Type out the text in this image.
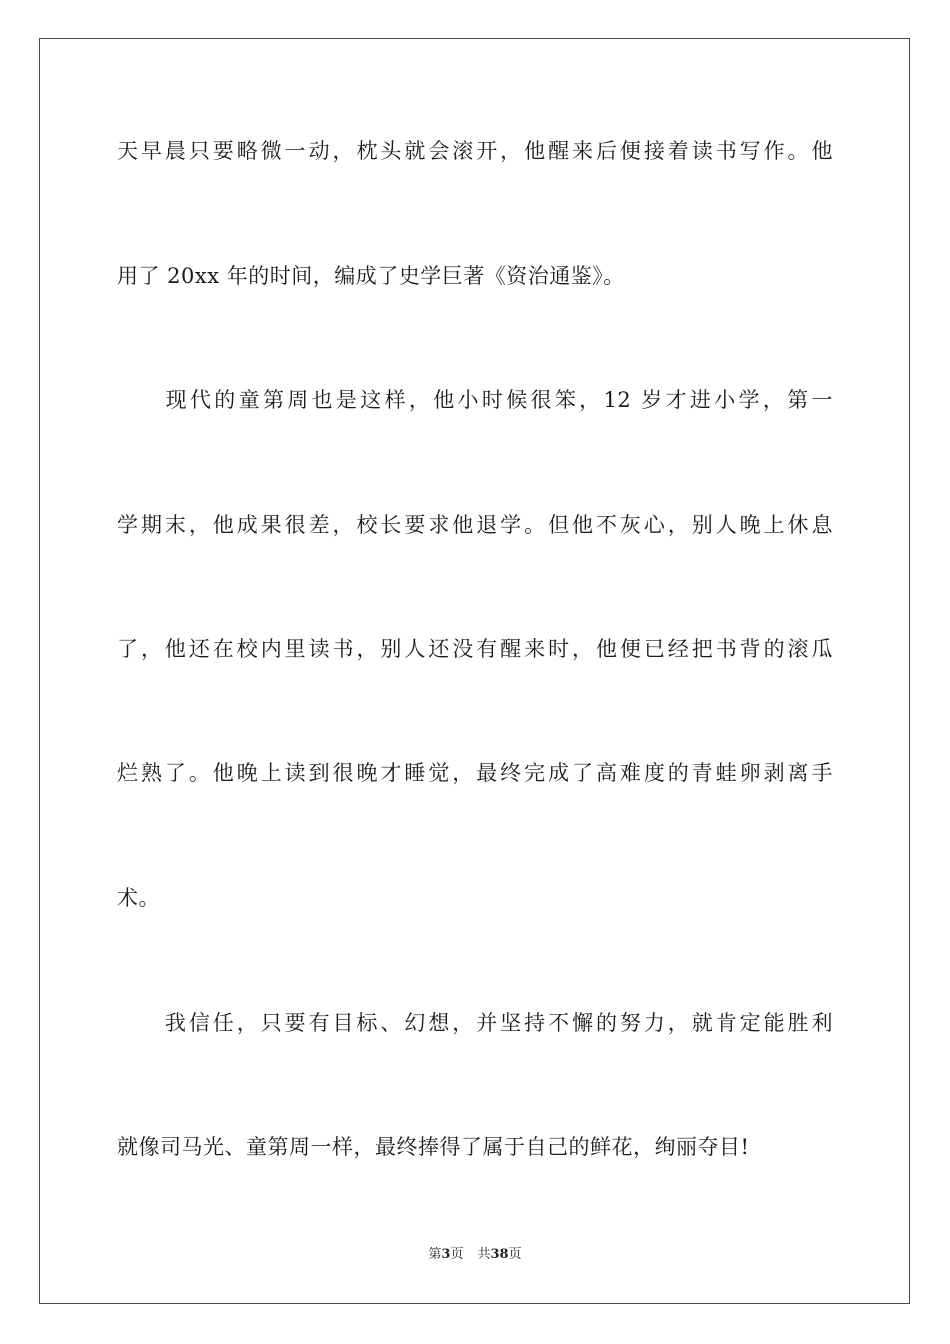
天早晨只要略微一动，枕头就会滚开，他醒来后便接着读书写作。他
用了 20xx 年的时间，编成了史学巨著《资治通鉴》。
　　现代的童第周也是这样，他小时候很笨，12 岁才进小学，第一
学期末，他成果很差，校长要求他退学。但他不灰心，别人晚上休息
了，他还在校内里读书，别人还没有醒来时，他便已经把书背的滚瓜
烂熟了。他晚上读到很晚才睡觉，最终完成了高难度的青蛙卵剥离手
术。
　　我信任，只要有目标、幻想，并坚持不懈的努力，就肯定能胜利
就像司马光、童第周一样，最终捧得了属于自己的鲜花，绚丽夺目!
第3页 共38页
